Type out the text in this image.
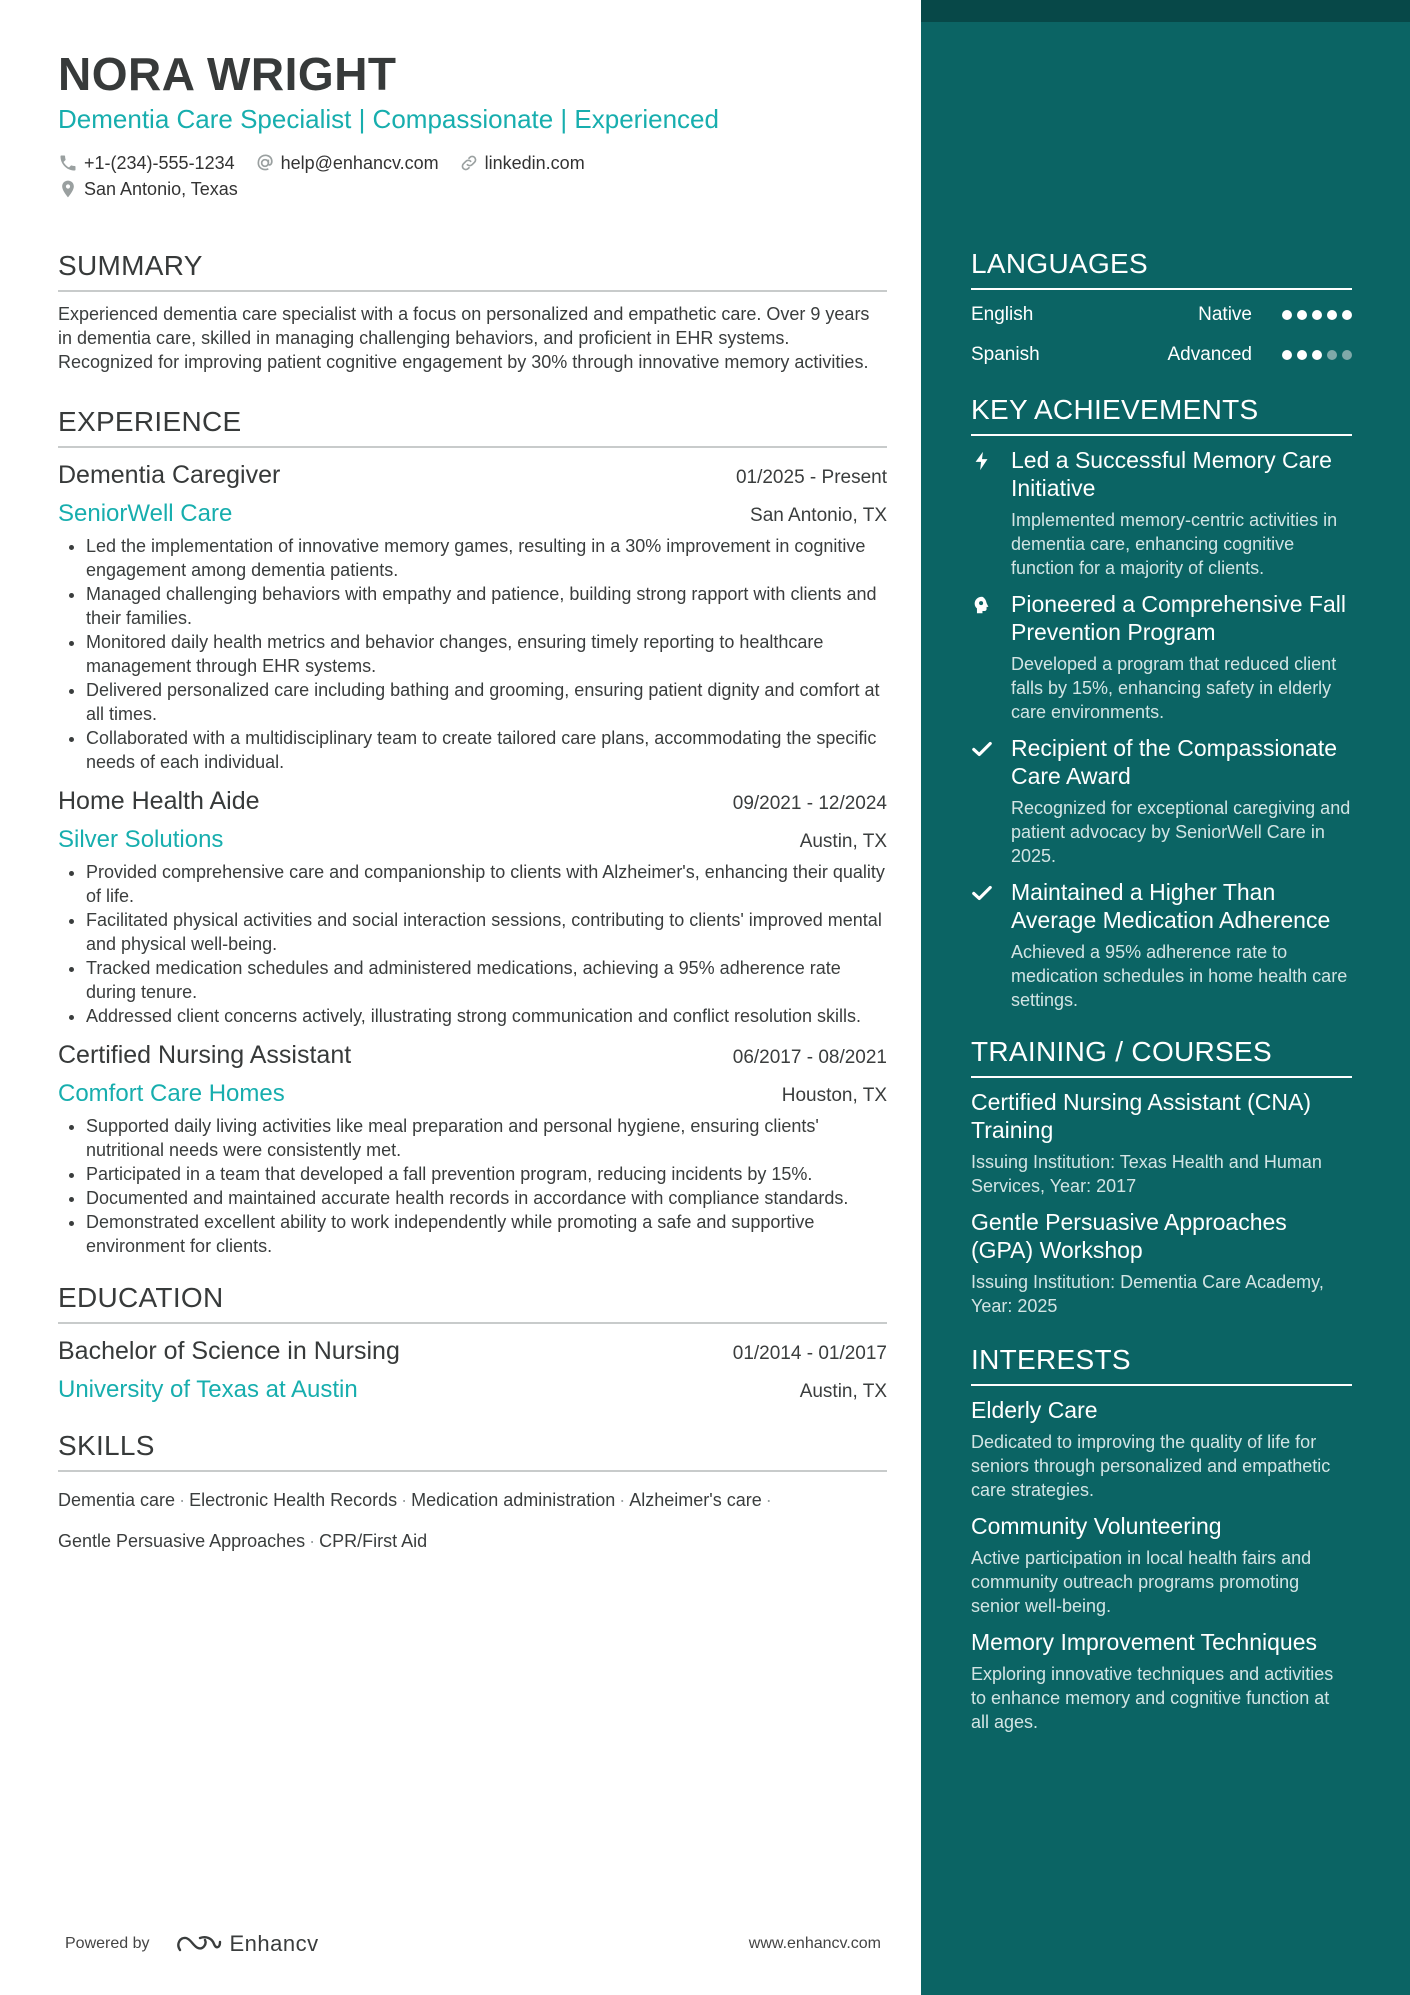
NORA WRIGHT
Dementia Care Specialist | Compassionate | Experienced
+1-(234)-555-1234	help@enhancv.com	linkedin.com
San Antonio, Texas
SUMMARY
Experienced dementia care specialist with a focus on personalized and empathetic care. Over 9 years in dementia care, skilled in managing challenging behaviors, and proficient in EHR systems. Recognized for improving patient cognitive engagement by 30% through innovative memory activities.
EXPERIENCE
Dementia Caregiver	01/2025 - Present
SeniorWell Care	San Antonio, TX
• Led the implementation of innovative memory games, resulting in a 30% improvement in cognitive engagement among dementia patients.
• Managed challenging behaviors with empathy and patience, building strong rapport with clients and their families.
• Monitored daily health metrics and behavior changes, ensuring timely reporting to healthcare management through EHR systems.
• Delivered personalized care including bathing and grooming, ensuring patient dignity and comfort at all times.
• Collaborated with a multidisciplinary team to create tailored care plans, accommodating the specific needs of each individual.
Home Health Aide	09/2021 - 12/2024
Silver Solutions	Austin, TX
• Provided comprehensive care and companionship to clients with Alzheimer's, enhancing their quality of life.
• Facilitated physical activities and social interaction sessions, contributing to clients' improved mental and physical well-being.
• Tracked medication schedules and administered medications, achieving a 95% adherence rate during tenure.
• Addressed client concerns actively, illustrating strong communication and conflict resolution skills.
Certified Nursing Assistant	06/2017 - 08/2021
Comfort Care Homes	Houston, TX
• Supported daily living activities like meal preparation and personal hygiene, ensuring clients' nutritional needs were consistently met.
• Participated in a team that developed a fall prevention program, reducing incidents by 15%.
• Documented and maintained accurate health records in accordance with compliance standards.
• Demonstrated excellent ability to work independently while promoting a safe and supportive environment for clients.
EDUCATION
Bachelor of Science in Nursing	01/2014 - 01/2017
University of Texas at Austin	Austin, TX
SKILLS
Dementia care · Electronic Health Records · Medication administration · Alzheimer's care ·
Gentle Persuasive Approaches · CPR/First Aid
Powered by	Enhancv	www.enhancv.com
LANGUAGES
English	Native
Spanish	Advanced
KEY ACHIEVEMENTS
Led a Successful Memory Care Initiative
Implemented memory-centric activities in dementia care, enhancing cognitive function for a majority of clients.
Pioneered a Comprehensive Fall Prevention Program
Developed a program that reduced client falls by 15%, enhancing safety in elderly care environments.
Recipient of the Compassionate Care Award
Recognized for exceptional caregiving and patient advocacy by SeniorWell Care in 2025.
Maintained a Higher Than Average Medication Adherence
Achieved a 95% adherence rate to medication schedules in home health care settings.
TRAINING / COURSES
Certified Nursing Assistant (CNA) Training
Issuing Institution: Texas Health and Human Services, Year: 2017
Gentle Persuasive Approaches (GPA) Workshop
Issuing Institution: Dementia Care Academy, Year: 2025
INTERESTS
Elderly Care
Dedicated to improving the quality of life for seniors through personalized and empathetic care strategies.
Community Volunteering
Active participation in local health fairs and community outreach programs promoting senior well-being.
Memory Improvement Techniques
Exploring innovative techniques and activities to enhance memory and cognitive function at all ages.
